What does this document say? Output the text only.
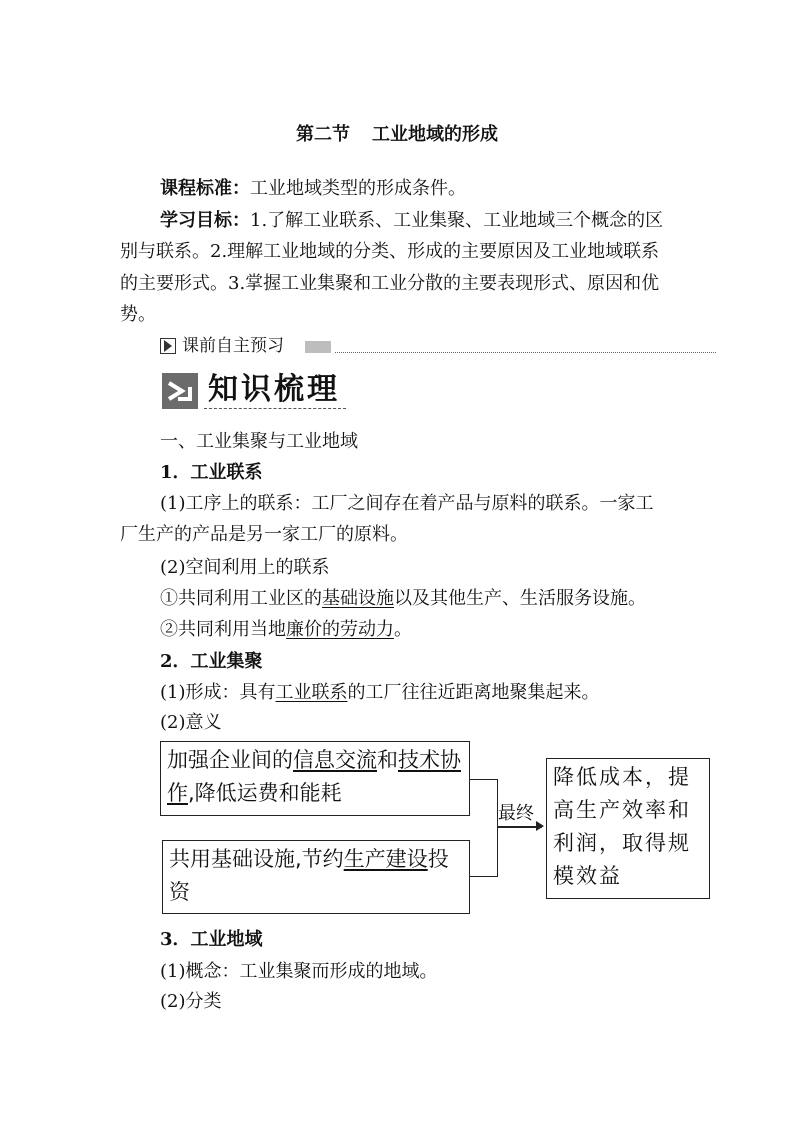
第二节 工业地域的形成
课程标准：工业地域类型的形成条件。
学习目标：1.了解工业联系、工业集聚、工业地域三个概念的区
别与联系。2.理解工业地域的分类、形成的主要原因及工业地域联系
的主要形式。3.掌握工业集聚和工业分散的主要表现形式、原因和优
势。
课前自主预习
知识梳理
一、工业集聚与工业地域
1．工业联系
(1)工序上的联系：工厂之间存在着产品与原料的联系。一家工
厂生产的产品是另一家工厂的原料。
(2)空间利用上的联系
①共同利用工业区的基础设施以及其他生产、生活服务设施。
②共同利用当地廉价的劳动力。
2．工业集聚
(1)形成：具有工业联系的工厂往往近距离地聚集起来。
(2)意义
加强企业间的信息交流和技术协作,降低运费和能耗
共用基础设施,节约生产建设投资
最终
降低成本，提高生产效率和利润，取得规模效益
3．工业地域
(1)概念：工业集聚而形成的地域。
(2)分类
